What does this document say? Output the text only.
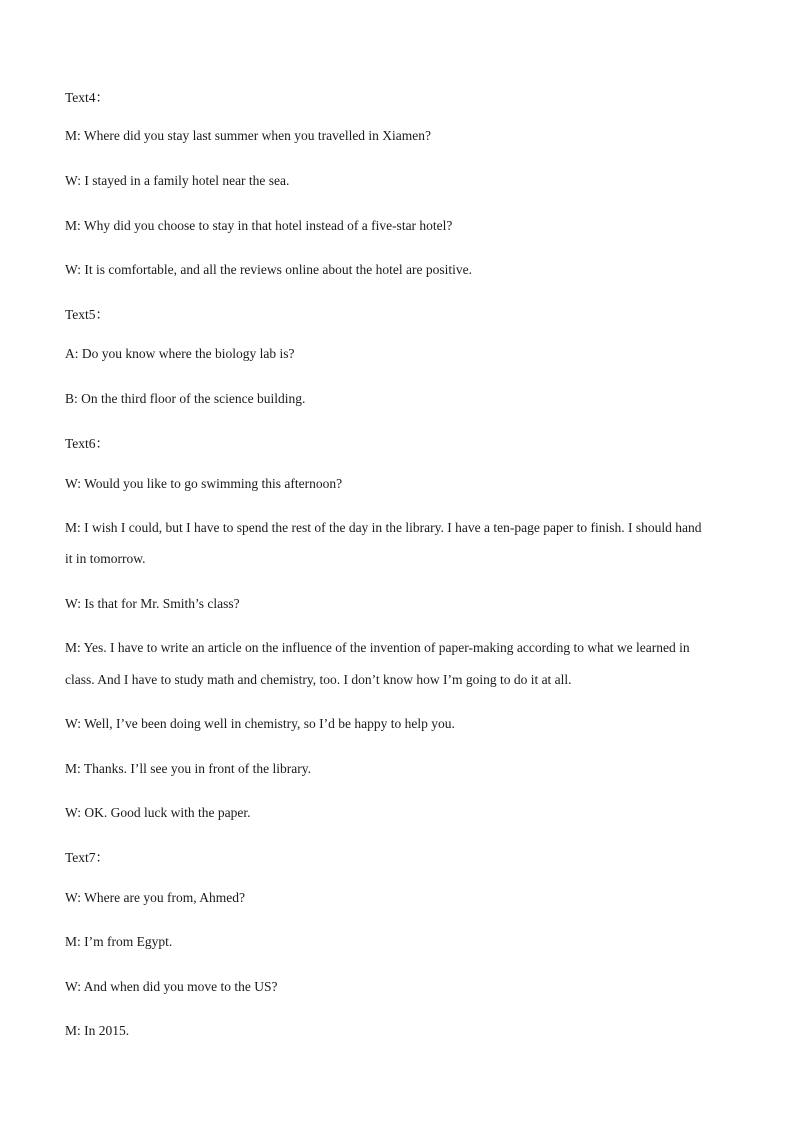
Text4：
M: Where did you stay last summer when you travelled in Xiamen?
W: I stayed in a family hotel near the sea.
M: Why did you choose to stay in that hotel instead of a five-star hotel?
W: It is comfortable, and all the reviews online about the hotel are positive.
Text5：
A: Do you know where the biology lab is?
B: On the third floor of the science building.
Text6：
W: Would you like to go swimming this afternoon?
M: I wish I could, but I have to spend the rest of the day in the library. I have a ten-page paper to finish. I should hand
it in tomorrow.
W: Is that for Mr. Smith’s class?
M: Yes. I have to write an article on the influence of the invention of paper-making according to what we learned in
class. And I have to study math and chemistry, too. I don’t know how I’m going to do it at all.
W: Well, I’ve been doing well in chemistry, so I’d be happy to help you.
M: Thanks. I’ll see you in front of the library.
W: OK. Good luck with the paper.
Text7：
W: Where are you from, Ahmed?
M: I’m from Egypt.
W: And when did you move to the US?
M: In 2015.
